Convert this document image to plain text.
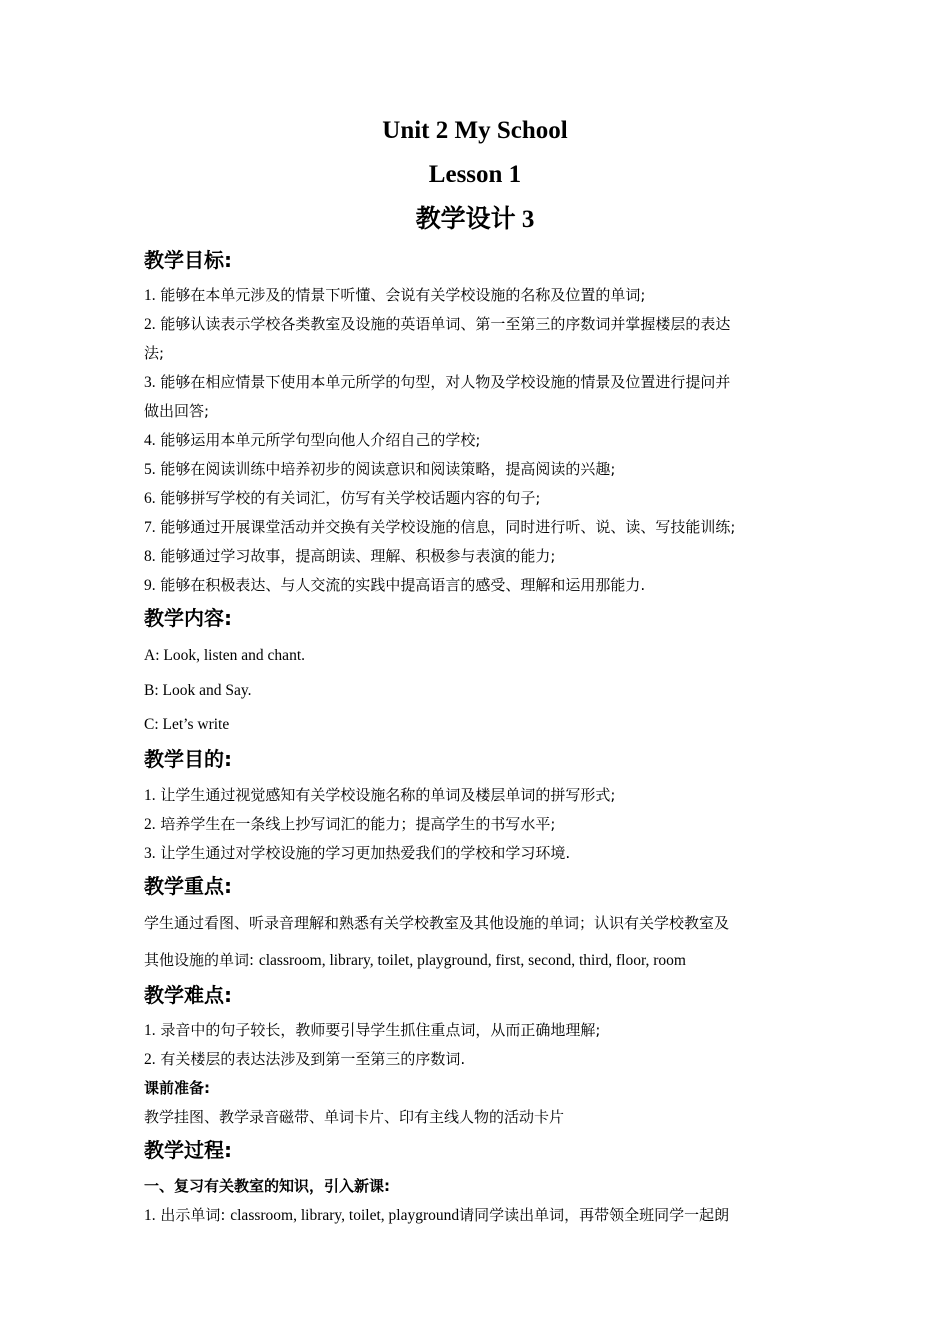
Unit 2 My School
Lesson 1
教学设计 3
教学目标:
1. 能够在本单元涉及的情景下听懂、会说有关学校设施的名称及位置的单词;
2. 能够认读表示学校各类教室及设施的英语单词、第一至第三的序数词并掌握楼层的表达
法;
3. 能够在相应情景下使用本单元所学的句型，对人物及学校设施的情景及位置进行提问并
做出回答;
4. 能够运用本单元所学句型向他人介绍自己的学校;
5. 能够在阅读训练中培养初步的阅读意识和阅读策略，提高阅读的兴趣;
6. 能够拼写学校的有关词汇，仿写有关学校话题内容的句子;
7. 能够通过开展课堂活动并交换有关学校设施的信息，同时进行听、说、读、写技能训练;
8. 能够通过学习故事，提高朗读、理解、积极参与表演的能力;
9. 能够在积极表达、与人交流的实践中提高语言的感受、理解和运用那能力.
教学内容:
A: Look, listen and chant.
B: Look and Say.
C: Let’s write
教学目的:
1. 让学生通过视觉感知有关学校设施名称的单词及楼层单词的拼写形式;
2. 培养学生在一条线上抄写词汇的能力；提高学生的书写水平;
3. 让学生通过对学校设施的学习更加热爱我们的学校和学习环境.
教学重点:
学生通过看图、听录音理解和熟悉有关学校教室及其他设施的单词；认识有关学校教室及
其他设施的单词: classroom, library, toilet, playground, first, second, third, floor, room
教学难点:
1. 录音中的句子较长，教师要引导学生抓住重点词，从而正确地理解;
2. 有关楼层的表达法涉及到第一至第三的序数词.
课前准备:
教学挂图、教学录音磁带、单词卡片、印有主线人物的活动卡片
教学过程:
一、复习有关教室的知识，引入新课:
1. 出示单词: classroom, library, toilet, playground请同学读出单词，再带领全班同学一起朗
